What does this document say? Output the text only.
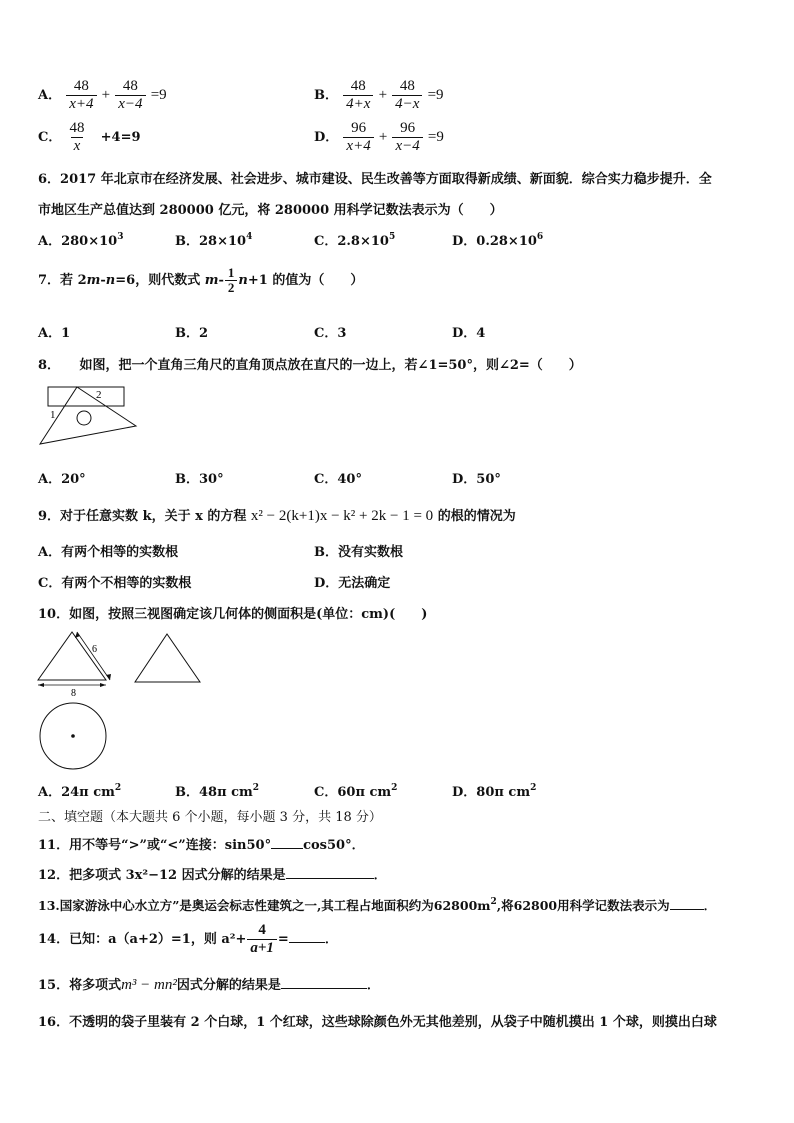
A． $\frac{48}{x+4} + \frac{48}{x-4} =9$	B． $\frac{48}{4+x} + \frac{48}{4-x} =9$
C． $\frac{48}{x} +4=9$	D． $\frac{96}{x+4} + \frac{96}{x-4} =9$
6．2017 年北京市在经济发展、社会进步、城市建设、民生改善等方面取得新成绩、新面貌．综合实力稳步提升．全
市地区生产总值达到 280000 亿元，将 280000 用科学记数法表示为（　　）
A．$280\times 10^3$	B．$28\times 10^4$	C．$2.8\times 10^5$	D．$0.28\times 10^6$
7．若 2m-n=6，则代数式 $m- \frac{1}{2} n+1$ 的值为（　　）
A．1	B．2	C．3	D．4
8．　　如图，把一个直角三角尺的直角顶点放在直尺的一边上，若∠1=50°，则∠2=（　　）
1
2
A．20°	B．30°	C．40°	D．50°
9．对于任意实数 k，关于 x 的方程 x² − 2(k+1)x − k² + 2k − 1 = 0 的根的情况为
A．有两个相等的实数根	B．没有实数根
C．有两个不相等的实数根	D．无法确定
10．如图，按照三视图确定该几何体的侧面积是(单位：cm)(　　)
6
8
A．24π $cm^2$	B．48π $cm^2$	C．60π $cm^2$	D．80π $cm^2$
二、填空题（本大题共 6 个小题，每小题 3 分，共 18 分）
11．用不等号“>”或“<”连接：sin50° cos50°．
12．把多项式 3x²−12 因式分解的结果是	．
13.国家游泳中心水立方”是奥运会标志性建筑之一,其工程占地面积约为$62800m^2$,将62800用科学记数法表示为	．
14．已知：a（a+2）=1，则 $a^2+ \frac{4}{a+1}$ =	．
15．将多项式m³ − mn²因式分解的结果是	．
16．不透明的袋子里装有 2 个白球，1 个红球，这些球除颜色外无其他差别，从袋子中随机摸出 1 个球，则摸出白球
